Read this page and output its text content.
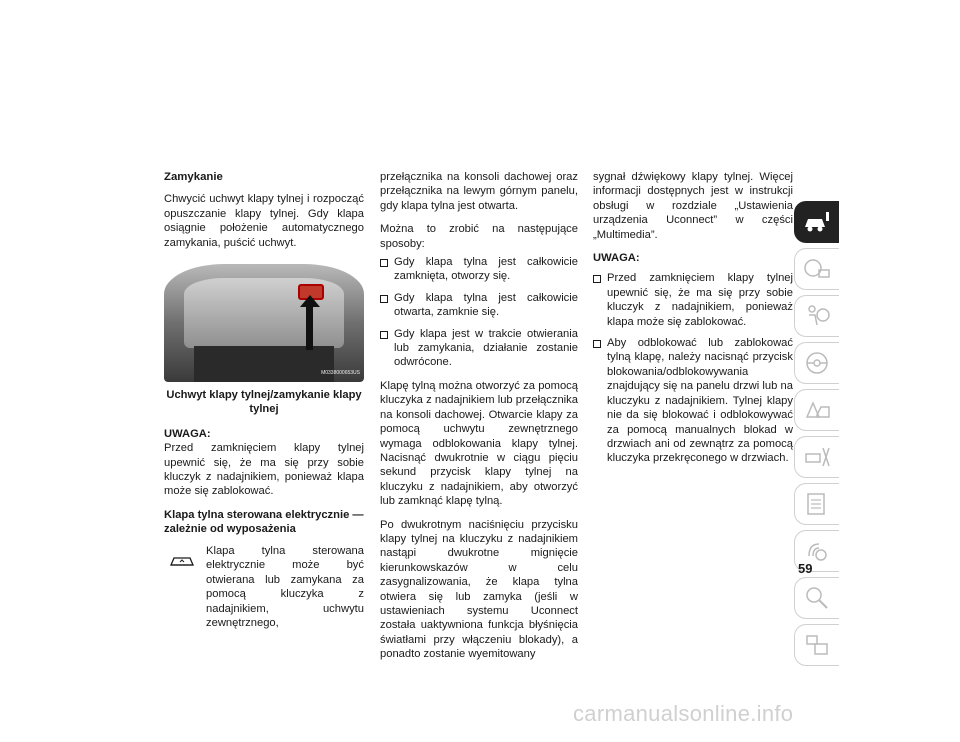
Zamykanie

Chwycić uchwyt klapy tylnej i rozpocząć opuszczanie klapy tylnej. Gdy klapa osiągnie położenie automatycznego zamykania, puścić uchwyt.

M0338000653US
Uchwyt klapy tylnej/zamykanie klapy tylnej
UWAGA:

Przed zamknięciem klapy tylnej upewnić się, że ma się przy sobie kluczyk z nadajnikiem, ponieważ klapa może się zablokować.

Klapa tylna sterowana elektrycznie — zależnie od wyposażenia

Klapa tylna sterowana elektrycznie może być otwierana lub zamykana za pomocą kluczyka z nadajnikiem, uchwytu zewnętrznego,

przełącznika na konsoli dachowej oraz przełącznika na lewym górnym panelu, gdy klapa tylna jest otwarta.

Można to zrobić na następujące sposoby:

Gdy klapa tylna jest całkowicie zamknięta, otworzy się.
Gdy klapa tylna jest całkowicie otwarta, zamknie się.
Gdy klapa jest w trakcie otwierania lub zamykania, działanie zostanie odwrócone.

Klapę tylną można otworzyć za pomocą kluczyka z nadajnikiem lub przełącznika na konsoli dachowej. Otwarcie klapy za pomocą uchwytu zewnętrznego wymaga odblokowania klapy tylnej. Nacisnąć dwukrotnie w ciągu pięciu sekund przycisk klapy tylnej na kluczyku z nadajnikiem, aby otworzyć lub zamknąć klapę tylną.

Po dwukrotnym naciśnięciu przycisku klapy tylnej na kluczyku z nadajnikiem nastąpi dwukrotne mignięcie kierunkowskazów w celu zasygnalizowania, że klapa tylna otwiera się lub zamyka (jeśli w ustawieniach systemu Uconnect została uaktywniona funkcja błyśnięcia światłami przy włączeniu blokady), a ponadto zostanie wyemitowany

sygnał dźwiękowy klapy tylnej. Więcej informacji dostępnych jest w instrukcji obsługi w rozdziale „Ustawienia urządzenia Uconnect” w części „Multimedia”.

UWAGA:
Przed zamknięciem klapy tylnej upewnić się, że ma się przy sobie kluczyk z nadajnikiem, ponieważ klapa może się zablokować.
Aby odblokować lub zablokować tylną klapę, należy nacisnąć przycisk blokowania/odblokowywania znajdujący się na panelu drzwi lub na kluczyku z nadajnikiem. Tylnej klapy nie da się blokować i odblokowywać za pomocą manualnych blokad w drzwiach ani od zewnątrz za pomocą kluczyka przekręconego w drzwiach.
59
carmanualsonline.info
